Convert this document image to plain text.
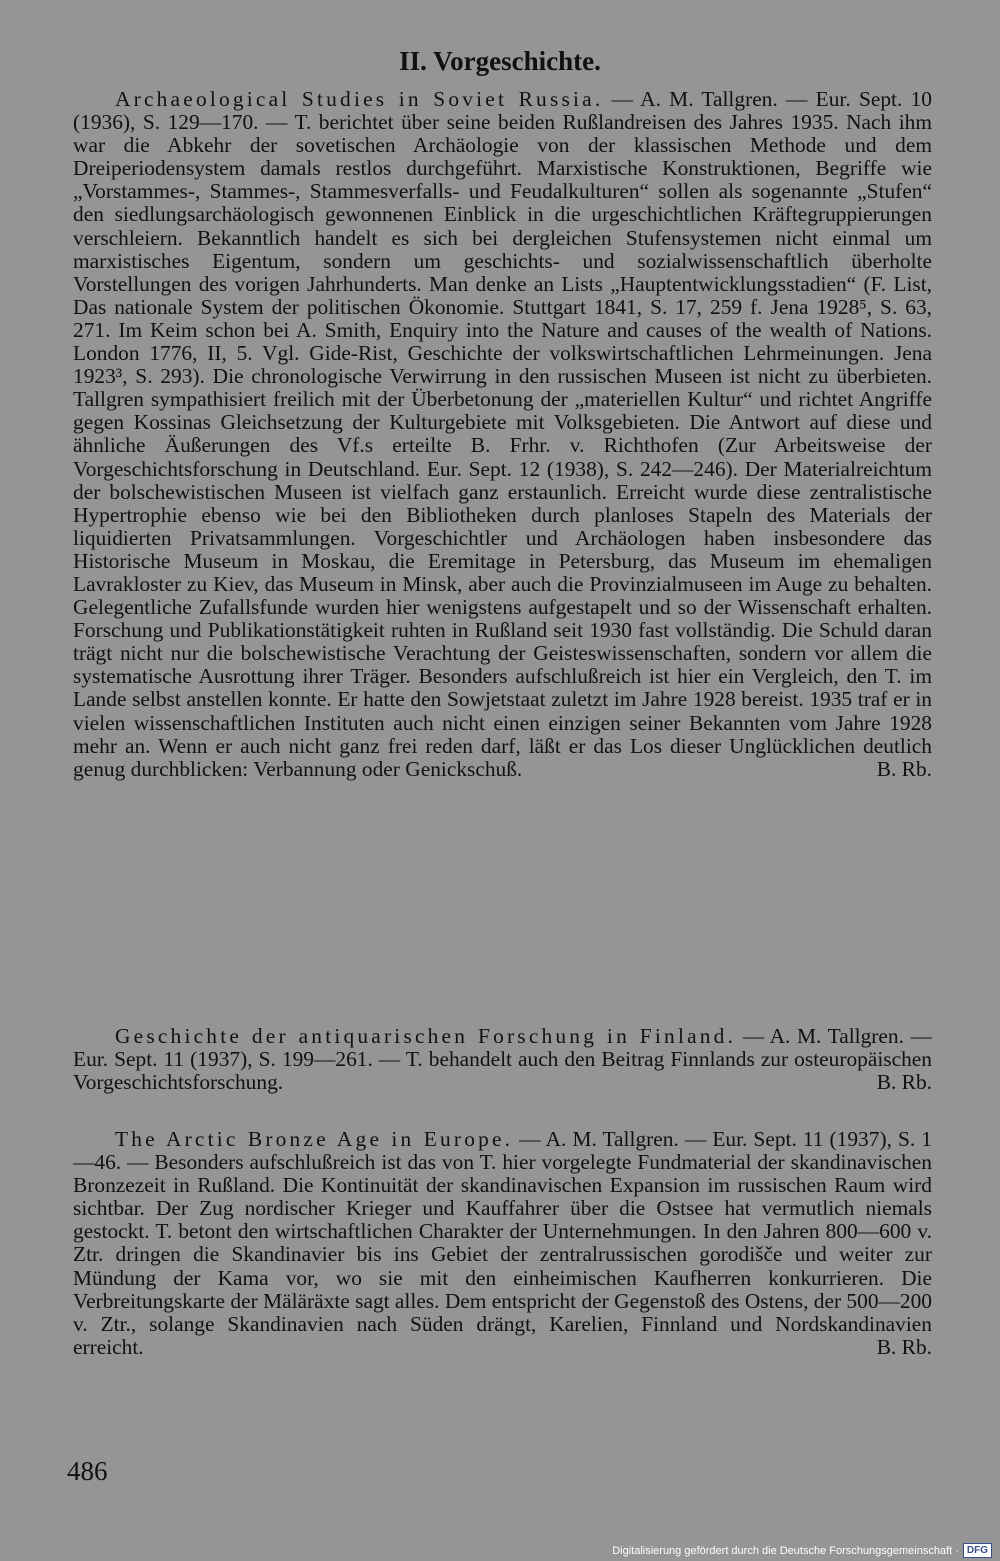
II. Vorgeschichte.

Archaeological Studies in Soviet Russia. — A. M. Tallgren. — Eur. Sept. 10 (1936), S. 129—170. — T. berichtet über seine beiden Rußlandreisen des Jahres 1935. Nach ihm war die Abkehr der sovetischen Archäologie von der klassischen Methode und dem Dreiperiodensystem damals restlos durchgeführt. Marxistische Konstruktionen, Begriffe wie „Vorstammes-, Stammes-, Stammesverfalls- und Feudalkulturen“ sollen als sogenannte „Stufen“ den siedlungsarchäologisch gewonnenen Einblick in die urgeschichtlichen Kräftegruppierungen verschleiern. Bekanntlich handelt es sich bei dergleichen Stufensystemen nicht einmal um marxistisches Eigentum, sondern um geschichts- und sozialwissenschaftlich überholte Vorstellungen des vorigen Jahrhunderts. Man denke an Lists „Hauptentwicklungsstadien“ (F. List, Das nationale System der politischen Ökonomie. Stuttgart 1841, S. 17, 259 f. Jena 1928⁵, S. 63, 271. Im Keim schon bei A. Smith, Enquiry into the Nature and causes of the wealth of Nations. London 1776, II, 5. Vgl. Gide-Rist, Geschichte der volkswirtschaftlichen Lehrmeinungen. Jena 1923³, S. 293). Die chronologische Verwirrung in den russischen Museen ist nicht zu überbieten. Tallgren sympathisiert freilich mit der Überbetonung der „materiellen Kultur“ und richtet Angriffe gegen Kossinas Gleichsetzung der Kulturgebiete mit Volksgebieten. Die Antwort auf diese und ähnliche Äußerungen des Vf.s erteilte B. Frhr. v. Richthofen (Zur Arbeitsweise der Vorgeschichtsforschung in Deutschland. Eur. Sept. 12 (1938), S. 242—246). Der Materialreichtum der bolschewistischen Museen ist vielfach ganz erstaunlich. Erreicht wurde diese zentralistische Hypertrophie ebenso wie bei den Bibliotheken durch planloses Stapeln des Materials der liquidierten Privatsammlungen. Vorgeschichtler und Archäologen haben insbesondere das Historische Museum in Moskau, die Eremitage in Petersburg, das Museum im ehemaligen Lavrakloster zu Kiev, das Museum in Minsk, aber auch die Provinzialmuseen im Auge zu behalten. Gelegentliche Zufallsfunde wurden hier wenigstens aufgestapelt und so der Wissenschaft erhalten. Forschung und Publikationstätigkeit ruhten in Rußland seit 1930 fast vollständig. Die Schuld daran trägt nicht nur die bolschewistische Verachtung der Geisteswissenschaften, sondern vor allem die systematische Ausrottung ihrer Träger. Besonders aufschlußreich ist hier ein Vergleich, den T. im Lande selbst anstellen konnte. Er hatte den Sowjetstaat zuletzt im Jahre 1928 bereist. 1935 traf er in vielen wissenschaftlichen Instituten auch nicht einen einzigen seiner Bekannten vom Jahre 1928 mehr an. Wenn er auch nicht ganz frei reden darf, läßt er das Los dieser Unglücklichen deutlich genug durchblicken: Verbannung oder Genickschuß.	B. Rb.

Geschichte der antiquarischen Forschung in Finland. — A. M. Tallgren. — Eur. Sept. 11 (1937), S. 199—261. — T. behandelt auch den Beitrag Finnlands zur osteuropäischen Vorgeschichtsforschung.	B. Rb.

The Arctic Bronze Age in Europe. — A. M. Tallgren. — Eur. Sept. 11 (1937), S. 1—46. — Besonders aufschlußreich ist das von T. hier vorgelegte Fundmaterial der skandinavischen Bronzezeit in Rußland. Die Kontinuität der skandinavischen Expansion im russischen Raum wird sichtbar. Der Zug nordischer Krieger und Kauffahrer über die Ostsee hat vermutlich niemals gestockt. T. betont den wirtschaftlichen Charakter der Unternehmungen. In den Jahren 800—600 v. Ztr. dringen die Skandinavier bis ins Gebiet der zentralrussischen gorodišče und weiter zur Mündung der Kama vor, wo sie mit den einheimischen Kaufherren konkurrieren. Die Verbreitungskarte der Mäläräxte sagt alles. Dem entspricht der Gegenstoß des Ostens, der 500—200 v. Ztr., solange Skandinavien nach Süden drängt, Karelien, Finnland und Nordskandinavien erreicht.	B. Rb.

486
Digitalisierung gefördert durch die Deutsche Forschungsgemeinschaft · DFG
